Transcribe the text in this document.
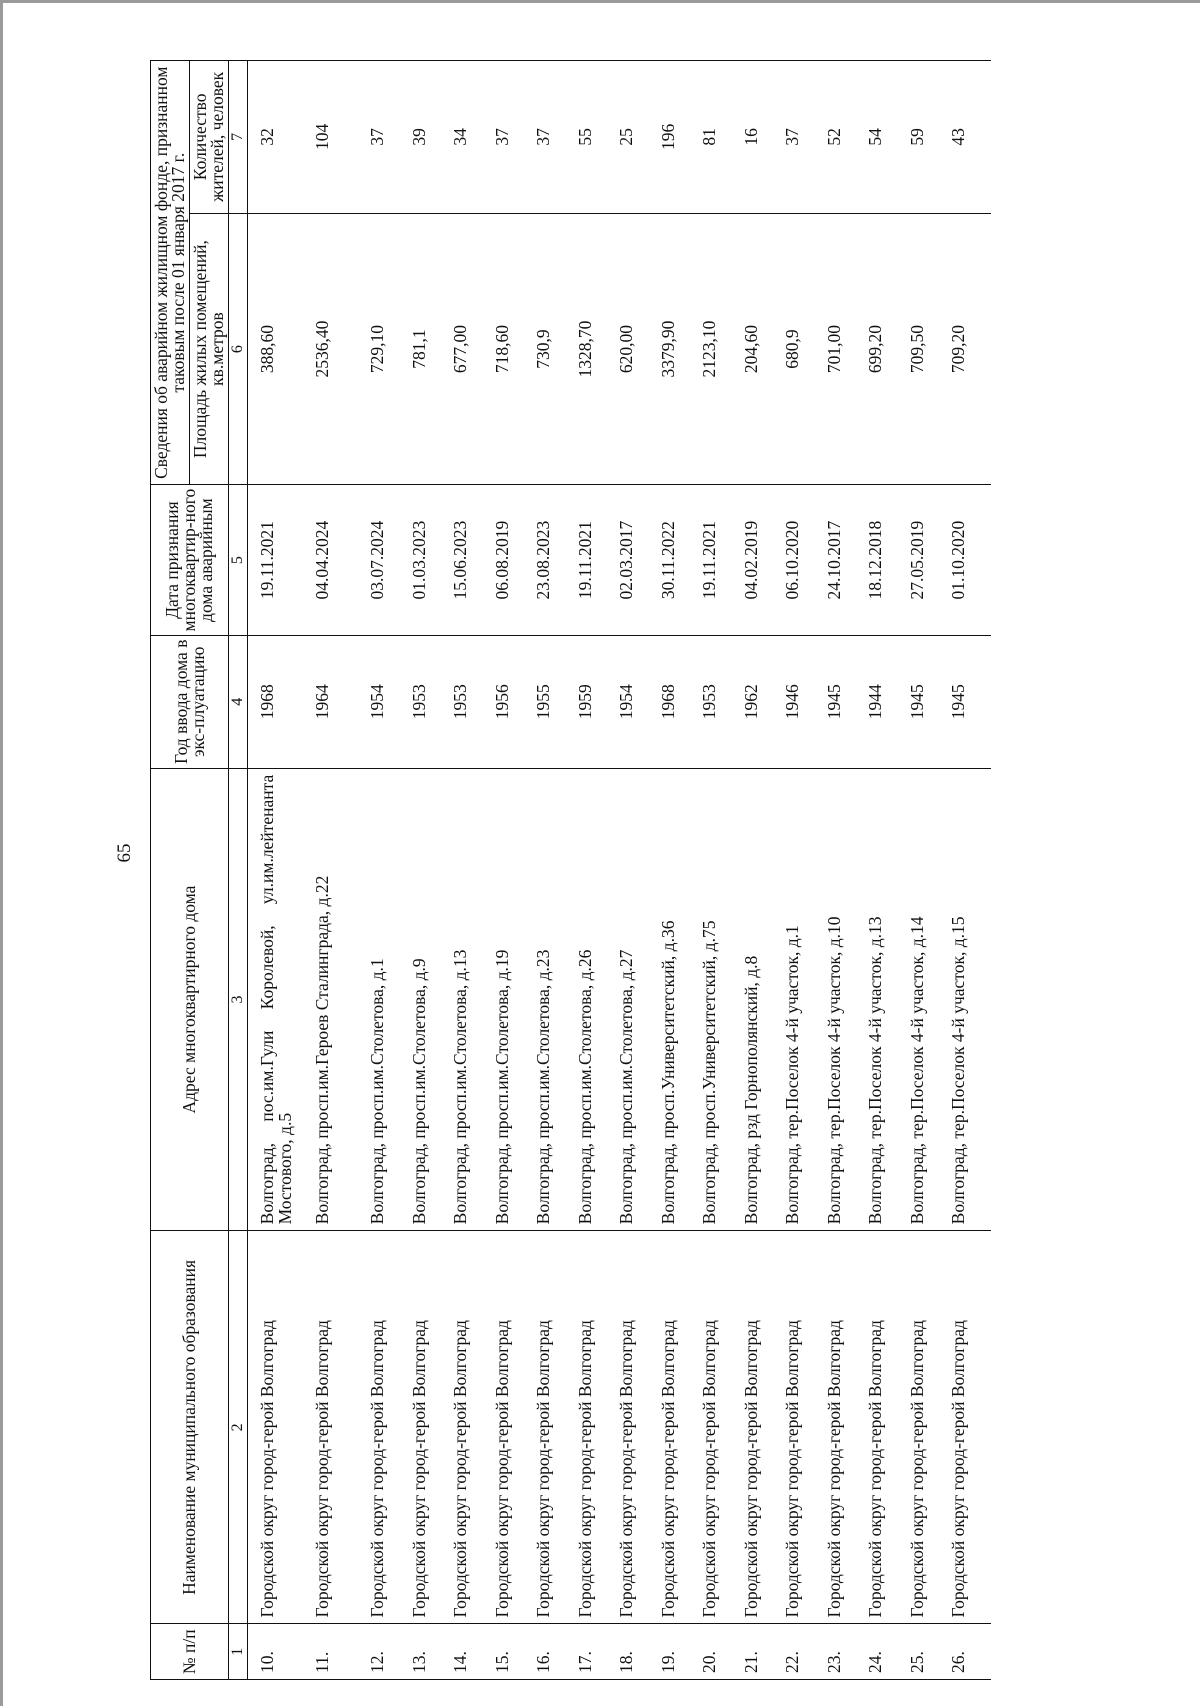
65
№ п/п	Наименование муниципального образования	Адрес многоквартирного дома	Год ввода дома в экс-плуатацию	Дата признания многоквартир-ного дома аварийным	Сведения об аварийном жилищном фонде, признанном таковым после 01 января 2017 г.	
					Площадь жилых помещений, кв.метров	Количество жителей, человек
1	2	3	4	5	6	7
10.	Городской округ город-герой Волгоград	Волгоград, пос.им.Гули Королевой, ул.им.лейтенанта Мостового, д.5	1968	19.11.2021	388,60	32
11.	Городской округ город-герой Волгоград	Волгоград, просп.им.Героев Сталинграда, д.22	1964	04.04.2024	2536,40	104
12.	Городской округ город-герой Волгоград	Волгоград, просп.им.Столетова, д.1	1954	03.07.2024	729,10	37
13.	Городской округ город-герой Волгоград	Волгоград, просп.им.Столетова, д.9	1953	01.03.2023	781,1	39
14.	Городской округ город-герой Волгоград	Волгоград, просп.им.Столетова, д.13	1953	15.06.2023	677,00	34
15.	Городской округ город-герой Волгоград	Волгоград, просп.им.Столетова, д.19	1956	06.08.2019	718,60	37
16.	Городской округ город-герой Волгоград	Волгоград, просп.им.Столетова, д.23	1955	23.08.2023	730,9	37
17.	Городской округ город-герой Волгоград	Волгоград, просп.им.Столетова, д.26	1959	19.11.2021	1328,70	55
18.	Городской округ город-герой Волгоград	Волгоград, просп.им.Столетова, д.27	1954	02.03.2017	620,00	25
19.	Городской округ город-герой Волгоград	Волгоград, просп.Университетский, д.36	1968	30.11.2022	3379,90	196
20.	Городской округ город-герой Волгоград	Волгоград, просп.Университетский, д.75	1953	19.11.2021	2123,10	81
21.	Городской округ город-герой Волгоград	Волгоград, рзд Горнополянский, д.8	1962	04.02.2019	204,60	16
22.	Городской округ город-герой Волгоград	Волгоград, тер.Поселок 4-й участок, д.1	1946	06.10.2020	680,9	37
23.	Городской округ город-герой Волгоград	Волгоград, тер.Поселок 4-й участок, д.10	1945	24.10.2017	701,00	52
24.	Городской округ город-герой Волгоград	Волгоград, тер.Поселок 4-й участок, д.13	1944	18.12.2018	699,20	54
25.	Городской округ город-герой Волгоград	Волгоград, тер.Поселок 4-й участок, д.14	1945	27.05.2019	709,50	59
26.	Городской округ город-герой Волгоград	Волгоград, тер.Поселок 4-й участок, д.15	1945	01.10.2020	709,20	43
